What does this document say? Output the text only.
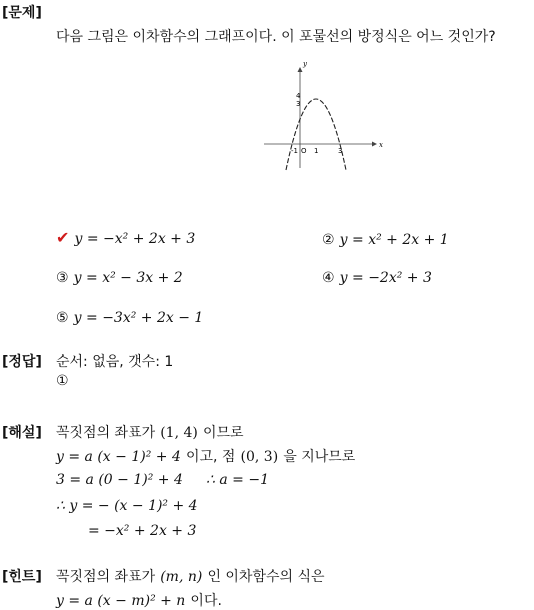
[문제]
다음 그림은 이차함수의 그래프이다. 이 포물선의 방정식은 어느 것인가?
y
x
4
3
-1 O 1	3
✔ y = −x² + 2x + 3	② y = x² + 2x + 1
③ y = x² − 3x + 2	④ y = −2x² + 3
⑤ y = −3x² + 2x − 1
[정답] 순서: 없음, 갯수: 1
①
[해설] 꼭짓점의 좌표가 (1, 4) 이므로
y = a (x − 1)² + 4 이고, 점 (0, 3) 을 지나므로
3 = a (0 − 1)² + 4 ∴ a = −1
∴ y = − (x − 1)² + 4
= −x² + 2x + 3
[힌트] 꼭짓점의 좌표가 (m, n) 인 이차함수의 식은
y = a (x − m)² + n 이다.
